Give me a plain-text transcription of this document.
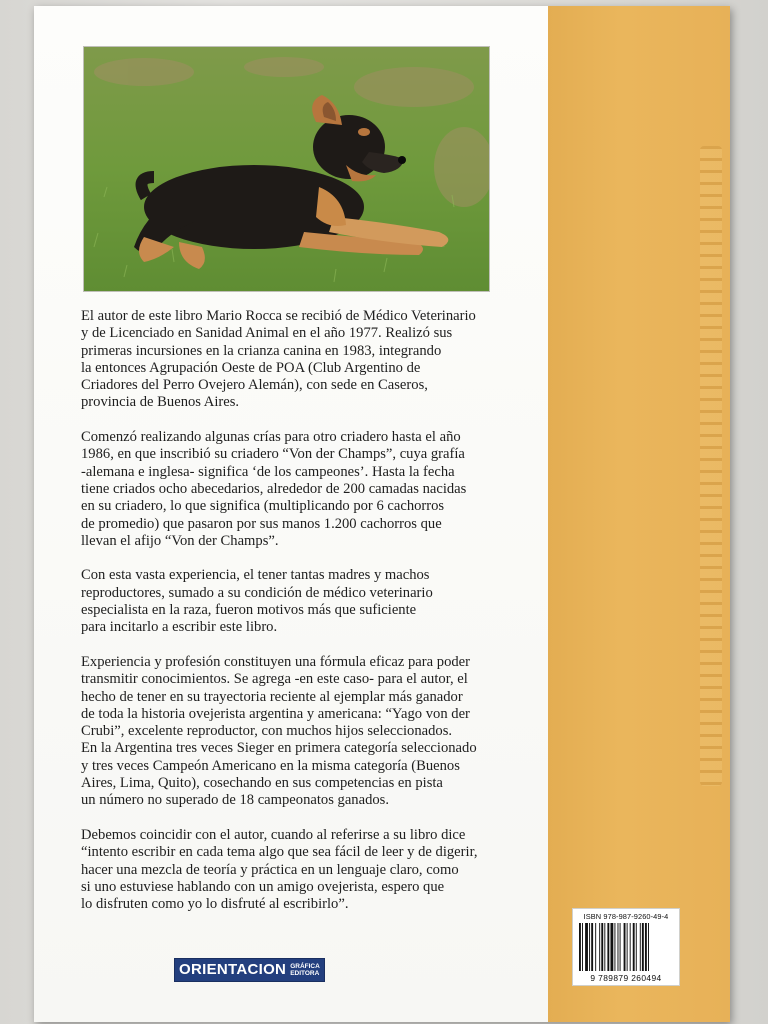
El autor de este libro Mario Rocca se recibió de Médico Veterinario
y de Licenciado en Sanidad Animal en el año 1977. Realizó sus
primeras incursiones en la crianza canina en 1983, integrando
la entonces Agrupación Oeste de POA (Club Argentino de
Criadores del Perro Ovejero Alemán), con sede en Caseros,
provincia de Buenos Aires.

Comenzó realizando algunas crías para otro criadero hasta el año
1986, en que inscribió su criadero “Von der Champs”, cuya grafía
-alemana e inglesa- significa ‘de los campeones’. Hasta la fecha
tiene criados ocho abecedarios, alrededor de 200 camadas nacidas
en su criadero, lo que significa (multiplicando por 6 cachorros
de promedio) que pasaron por sus manos 1.200 cachorros que
llevan el afijo “Von der Champs”.

Con esta vasta experiencia, el tener tantas madres y machos
reproductores, sumado a su condición de médico veterinario
especialista en la raza, fueron motivos más que suficiente
para incitarlo a escribir este libro.

Experiencia y profesión constituyen una fórmula eficaz para poder
transmitir conocimientos. Se agrega -en este caso- para el autor, el
hecho de tener en su trayectoria reciente al ejemplar más ganador
de toda la historia ovejerista argentina y americana: “Yago von der
Crubi”, excelente reproductor, con muchos hijos seleccionados.
En la Argentina tres veces Sieger en primera categoría seleccionado
y tres veces Campeón Americano en la misma categoría (Buenos
Aires, Lima, Quito), cosechando en sus competencias en pista
un número no superado de 18 campeonatos ganados.

Debemos coincidir con el autor, cuando al referirse a su libro dice
“intento escribir en cada tema algo que sea fácil de leer y de digerir,
hacer una mezcla de teoría y práctica en un lenguaje claro, como
si uno estuviese hablando con un amigo ovejerista, espero que
lo disfruten como yo lo disfruté al escribirlo”.

ORIENTACION GRÁFICA
EDITORA
ISBN 978-987-9260-49-4
9 789879 260494
